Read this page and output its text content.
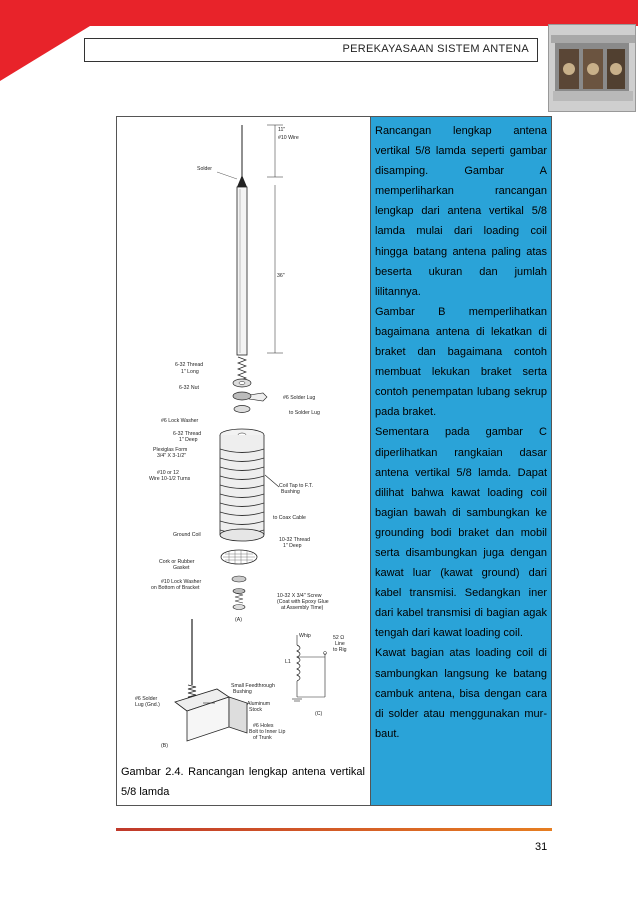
PEREKAYASAAN SISTEM ANTENA
11"
#10 Wire
Solder
36"
6-32 Thread
1" Long
6-32 Nut
#6 Solder Lug
to Solder Lug
#6 Lock Washer
6-32 Thread
1" Deep
Plexiglas Form
3/4" X 3-1/2"
#10 or 12
Wire 10-1/2 Turns
Coil Tap to F.T.
Bushing
to Coax Cable
Ground Coil
10-32 Thread
1" Deep
Cork or Rubber
Gasket
#10 Lock Washer
on Bottom of Bracket
10-32 X 3/4" Screw
(Coat with Epoxy Glue
at Assembly Time)
(A)
Small Feedthrough
Bushing
#6 Solder
Lug (Gnd.)	Aluminum
Stock
#6 Holes
Bolt to Inner Lip
of Trunk
(B)
Whip
L1
52 Ω
Line
to Rig
(C)
Gambar 2.4. Rancangan lengkap antena vertikal 5/8 lamda

Rancangan lengkap antena vertikal 5/8 lamda seperti gambar disamping. Gambar A memperliharkan rancangan lengkap dari antena vertikal 5/8 lamda mulai dari loading coil hingga batang antena paling atas beserta ukuran dan jumlah lilitannya.

Gambar B memperlihatkan bagaimana antena di lekatkan di braket dan bagaimana contoh membuat lekukan braket serta contoh penempatan lubang sekrup pada braket.

Sementara pada gambar C diperlihatkan rangkaian dasar antena vertikal 5/8 lamda. Dapat dilihat bahwa kawat loading coil bagian bawah di sambungkan ke grounding bodi braket dan mobil serta disambungkan juga dengan kawat luar (kawat ground) dari kabel transmisi. Sedangkan iner dari kabel transmisi di bagian agak tengah dari kawat loading coil.

Kawat bagian atas loading coil di sambungkan langsung ke batang cambuk antena, bisa dengan cara di solder atau menggunakan mur- baut.

31
